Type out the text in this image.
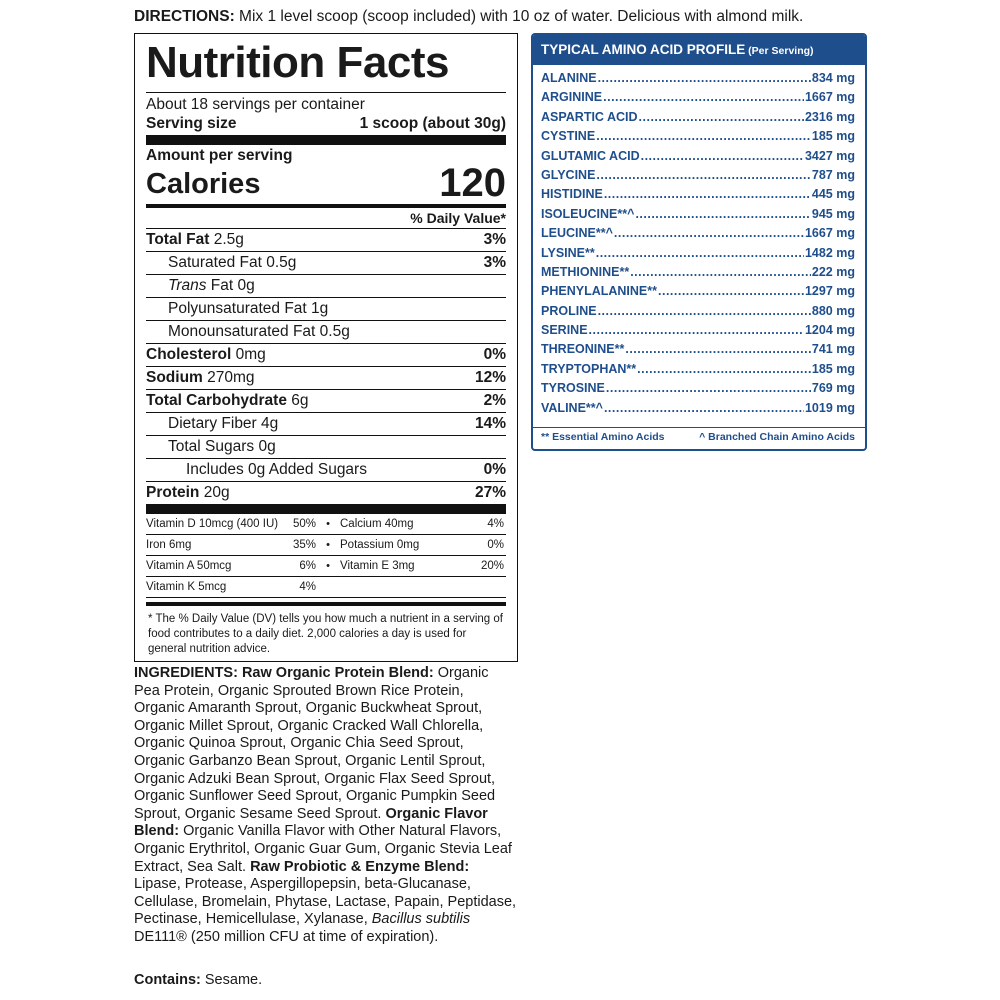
DIRECTIONS: Mix 1 level scoop (scoop included) with 10 oz of water. Delicious with almond milk.
Nutrition Facts
About 18 servings per container
Serving size	1 scoop (about 30g)
Amount per serving
Calories	120
% Daily Value*
Total Fat 2.5g	3%
Saturated Fat 0.5g	3%
Trans Fat 0g
Polyunsaturated Fat 1g
Monounsaturated Fat 0.5g
Cholesterol 0mg	0%
Sodium 270mg	12%
Total Carbohydrate 6g	2%
Dietary Fiber 4g	14%
Total Sugars 0g
Includes 0g Added Sugars	0%
Protein 20g	27%
Vitamin D 10mcg (400 IU) 50% • Calcium 40mg	4%
Iron 6mg	35% • Potassium 0mg	0%
Vitamin A 50mcg	6% • Vitamin E 3mg	20%
Vitamin K 5mcg	4%
* The % Daily Value (DV) tells you how much a nutrient in a serving of food contributes to a daily diet. 2,000 calories a day is used for general nutrition advice.
INGREDIENTS: Raw Organic Protein Blend: Organic Pea Protein, Organic Sprouted Brown Rice Protein, Organic Amaranth Sprout, Organic Buckwheat Sprout, Organic Millet Sprout, Organic Cracked Wall Chlorella, Organic Quinoa Sprout, Organic Chia Seed Sprout, Organic Garbanzo Bean Sprout, Organic Lentil Sprout, Organic Adzuki Bean Sprout, Organic Flax Seed Sprout, Organic Sunflower Seed Sprout, Organic Pumpkin Seed Sprout, Organic Sesame Seed Sprout. Organic Flavor Blend: Organic Vanilla Flavor with Other Natural Flavors, Organic Erythritol, Organic Guar Gum, Organic Stevia Leaf Extract, Sea Salt. Raw Probiotic & Enzyme Blend: Lipase, Protease, Aspergillopepsin, beta-Glucanase, Cellulase, Bromelain, Phytase, Lactase, Papain, Peptidase, Pectinase, Hemicellulase, Xylanase, Bacillus subtilis DE111® (250 million CFU at time of expiration).
Contains: Sesame.
TYPICAL AMINO ACID PROFILE (Per Serving)
ALANINE .....	834 mg
ARGININE .....	1667 mg
ASPARTIC ACID .....	2316 mg
CYSTINE .....	185 mg
GLUTAMIC ACID .....	3427 mg
GLYCINE .....	787 mg
HISTIDINE .....	445 mg
ISOLEUCINE**^ .....	945 mg
LEUCINE**^ .....	1667 mg
LYSINE** .....	1482 mg
METHIONINE** .....	222 mg
PHENYLALANINE** .....	1297 mg
PROLINE .....	880 mg
SERINE .....	1204 mg
THREONINE** .....	741 mg
TRYPTOPHAN** .....	185 mg
TYROSINE .....	769 mg
VALINE**^ .....	1019 mg
** Essential Amino Acids	^ Branched Chain Amino Acids
